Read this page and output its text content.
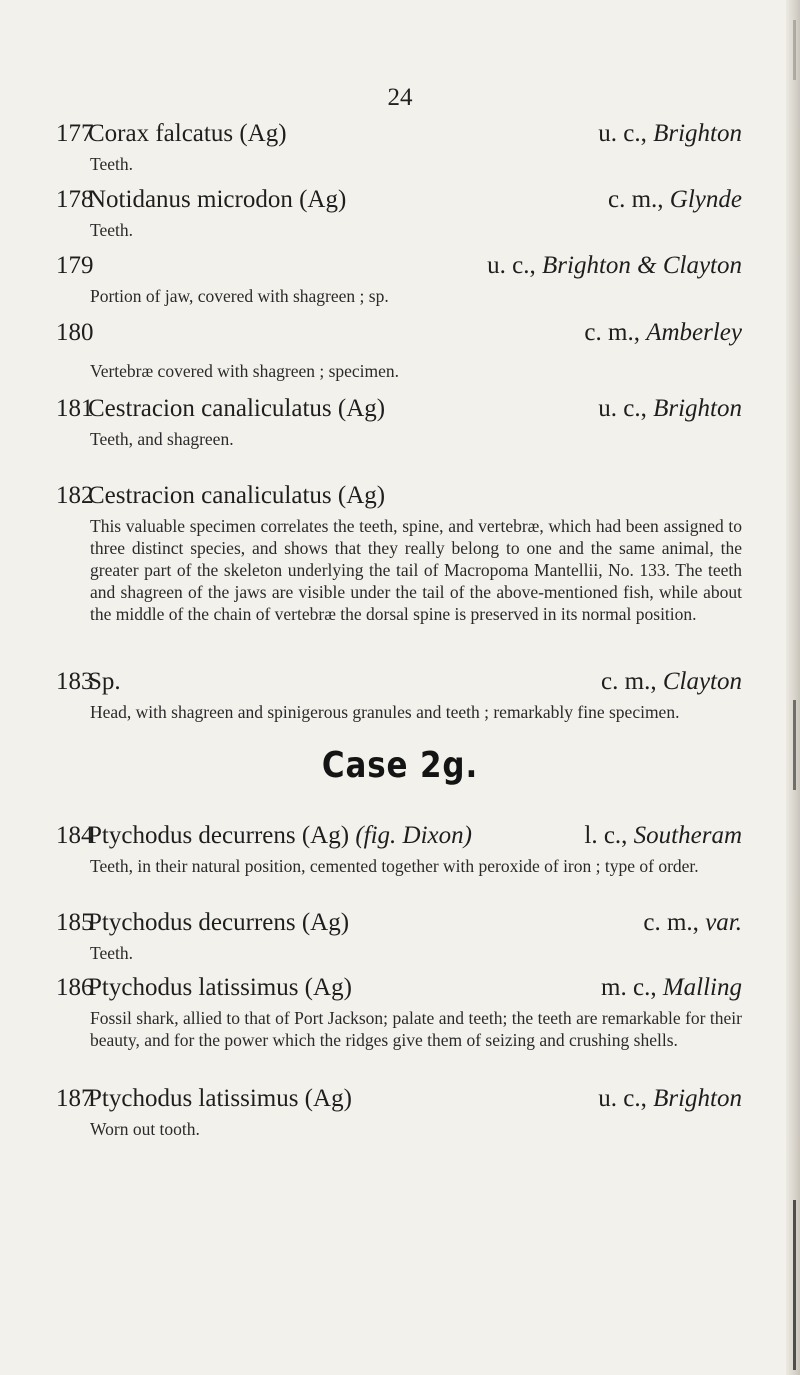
24
177
Corax falcatus (Ag)	u. c., Brighton
Teeth.
178
Notidanus microdon (Ag)	c. m., Glynde
Teeth.
179	u. c., Brighton & Clayton
Portion of jaw, covered with shagreen ; sp.
180	c. m., Amberley
Vertebræ covered with shagreen ; specimen.
181
Cestracion canaliculatus (Ag)	u. c., Brighton
Teeth, and shagreen.
182
Cestracion canaliculatus (Ag)
This valuable specimen correlates the teeth, spine, and vertebræ, which had been assigned to three distinct species, and shows that they really belong to one and the same animal, the greater part of the skeleton underlying the tail of Macropoma Mantellii, No. 133. The teeth and shagreen of the jaws are visible under the tail of the above-mentioned fish, while about the middle of the chain of vertebræ the dorsal spine is preserved in its normal position.
183
Sp.	c. m., Clayton
Head, with shagreen and spinigerous granules and teeth ; remarkably fine specimen.
Case 2g.
184
Ptychodus decurrens (Ag) (fig. Dixon)	l. c., Southeram
Teeth, in their natural position, cemented together with peroxide of iron ; type of order.
185
Ptychodus decurrens (Ag)	c. m., var.
Teeth.
186
Ptychodus latissimus (Ag)	m. c., Malling
Fossil shark, allied to that of Port Jackson; palate and teeth; the teeth are remarkable for their beauty, and for the power which the ridges give them of seizing and crushing shells.
187
Ptychodus latissimus (Ag)	u. c., Brighton
Worn out tooth.
